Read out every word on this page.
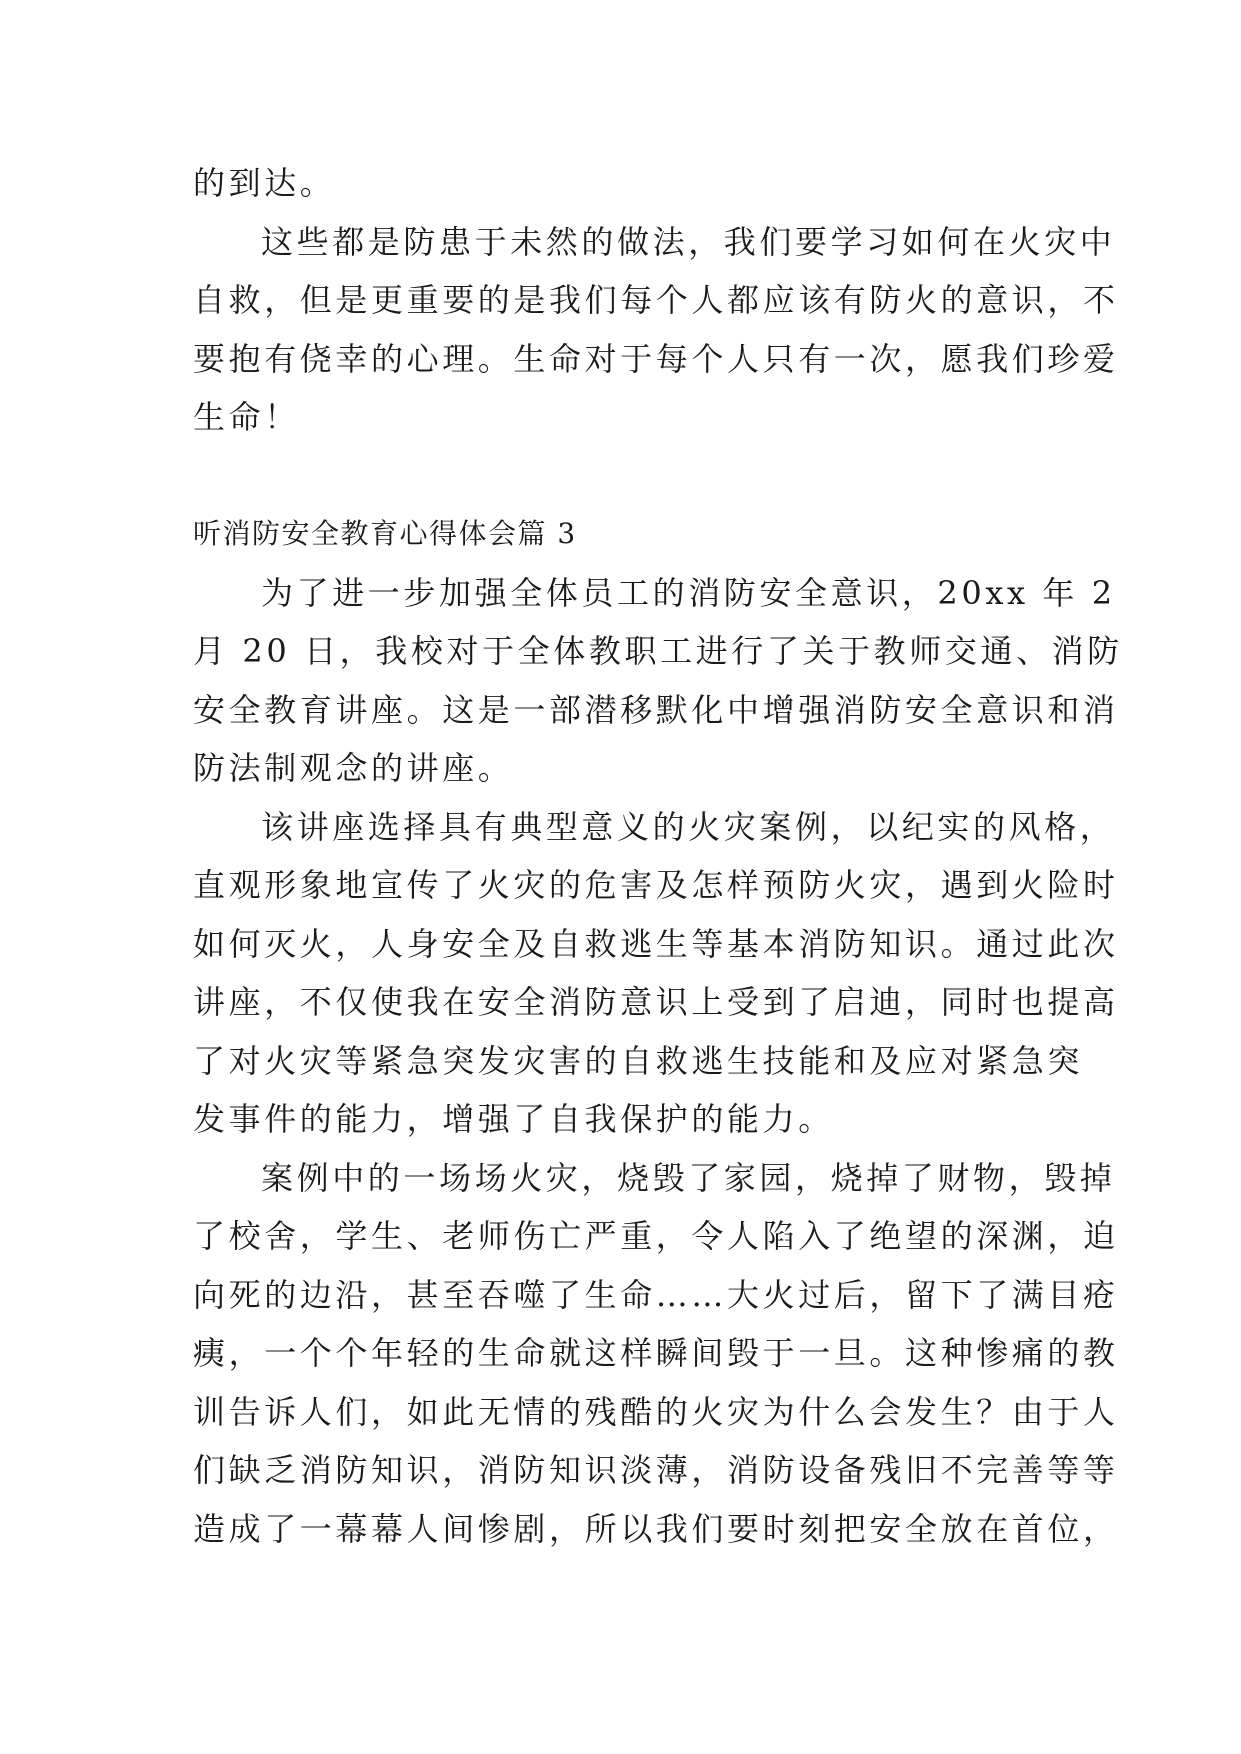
的到达。
这些都是防患于未然的做法，我们要学习如何在火灾中
自救，但是更重要的是我们每个人都应该有防火的意识，不
要抱有侥幸的心理。生命对于每个人只有一次，愿我们珍爱
生命！
听消防安全教育心得体会篇 3
为了进一步加强全体员工的消防安全意识，20xx 年 2
月 20 日，我校对于全体教职工进行了关于教师交通、消防
安全教育讲座。这是一部潜移默化中增强消防安全意识和消
防法制观念的讲座。
该讲座选择具有典型意义的火灾案例，以纪实的风格，
直观形象地宣传了火灾的危害及怎样预防火灾，遇到火险时
如何灭火，人身安全及自救逃生等基本消防知识。通过此次
讲座，不仅使我在安全消防意识上受到了启迪，同时也提高
了对火灾等紧急突发灾害的自救逃生技能和及应对紧急突
发事件的能力，增强了自我保护的能力。
案例中的一场场火灾，烧毁了家园，烧掉了财物，毁掉
了校舍，学生、老师伤亡严重，令人陷入了绝望的深渊，迫
向死的边沿，甚至吞噬了生命……大火过后，留下了满目疮
痍，一个个年轻的生命就这样瞬间毁于一旦。这种惨痛的教
训告诉人们，如此无情的残酷的火灾为什么会发生？由于人
们缺乏消防知识，消防知识淡薄，消防设备残旧不完善等等
造成了一幕幕人间惨剧，所以我们要时刻把安全放在首位，
